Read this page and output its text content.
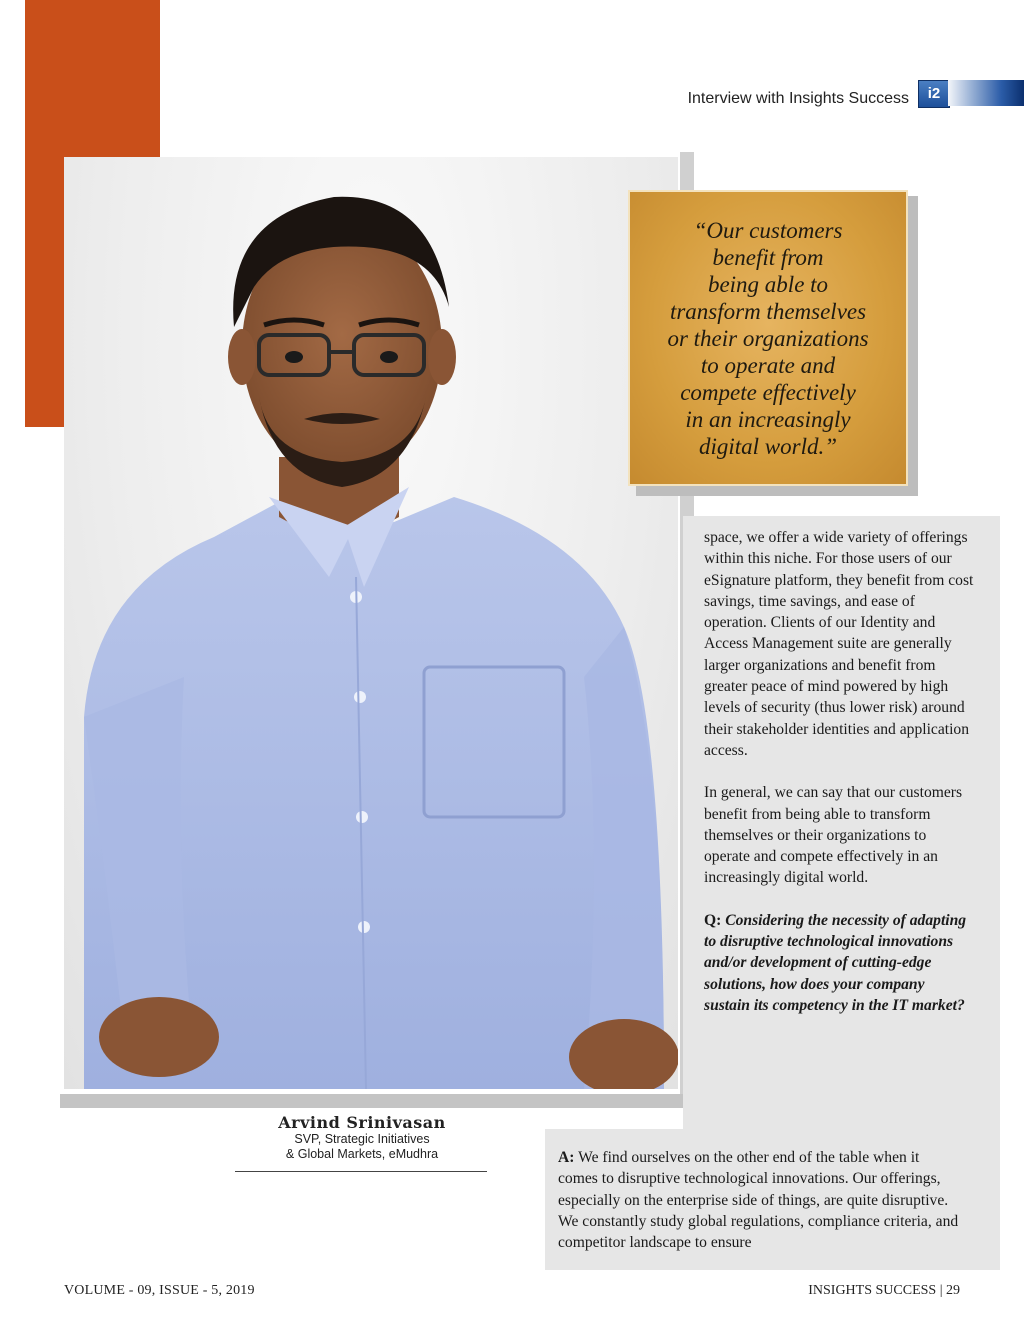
Interview with Insights Success	i2

“Our customers
benefit from
being able to
transform themselves
or their organizations
to operate and
compete effectively
in an increasingly
digital world.”

space, we offer a wide variety of offerings within this niche. For those users of our eSignature platform, they benefit from cost savings, time savings, and ease of operation. Clients of our Identity and Access Management suite are generally larger organizations and benefit from greater peace of mind powered by high levels of security (thus lower risk) around their stakeholder identities and application access.

In general, we can say that our customers benefit from being able to transform themselves or their organizations to operate and compete effectively in an increasingly digital world.

Q: Considering the necessity of adapting to disruptive technological innovations and/or development of cutting-edge solutions, how does your company sustain its competency in the IT market?

A: We find ourselves on the other end of the table when it comes to disruptive technological innovations. Our offerings, especially on the enterprise side of things, are quite disruptive. We constantly study global regulations, compliance criteria, and competitor landscape to ensure

Arvind Srinivasan
SVP, Strategic Initiatives
& Global Markets, eMudhra
VOLUME - 09, ISSUE - 5, 2019	INSIGHTS SUCCESS | 29
